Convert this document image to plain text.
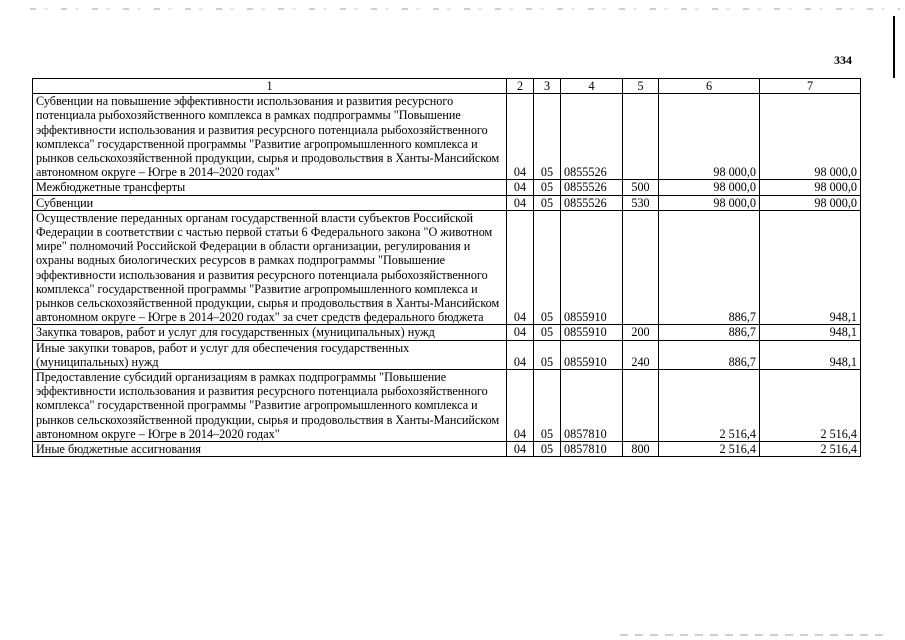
334
1	2	3	4	5	6	7
Субвенции на повышение эффективности использования и развития ресурсного потенциала рыбохозяйственного комплекса в рамках подпрограммы "Повышение эффективности использования и развития ресурсного потенциала рыбохозяйственного комплекса" государственной программы "Развитие агропромышленного комплекса и рынков сельскохозяйственной продукции, сырья и продовольствия в Ханты-Мансийском автономном округе – Югре в 2014–2020 годах"	04	05	0855526		98 000,0	98 000,0
Межбюджетные трансферты	04	05	0855526	500	98 000,0	98 000,0
Субвенции	04	05	0855526	530	98 000,0	98 000,0
Осуществление переданных органам государственной власти субъектов Российской Федерации в соответствии с частью первой статьи 6 Федерального закона "О животном мире" полномочий Российской Федерации в области организации, регулирования и охраны водных биологических ресурсов в рамках подпрограммы "Повышение эффективности использования и развития ресурсного потенциала рыбохозяйственного комплекса" государственной программы "Развитие агропромышленного комплекса и рынков сельскохозяйственной продукции, сырья и продовольствия в Ханты-Мансийском автономном округе – Югре в 2014–2020 годах" за счет средств федерального бюджета	04	05	0855910		886,7	948,1
Закупка товаров, работ и услуг для государственных (муниципальных) нужд	04	05	0855910	200	886,7	948,1
Иные закупки товаров, работ и услуг для обеспечения государственных (муниципальных) нужд	04	05	0855910	240	886,7	948,1
Предоставление субсидий организациям в рамках подпрограммы "Повышение эффективности использования и развития ресурсного потенциала рыбохозяйственного комплекса" государственной программы "Развитие агропромышленного комплекса и рынков сельскохозяйственной продукции, сырья и продовольствия в Ханты-Мансийском автономном округе – Югре в 2014–2020 годах"	04	05	0857810		2 516,4	2 516,4
Иные бюджетные ассигнования	04	05	0857810	800	2 516,4	2 516,4
